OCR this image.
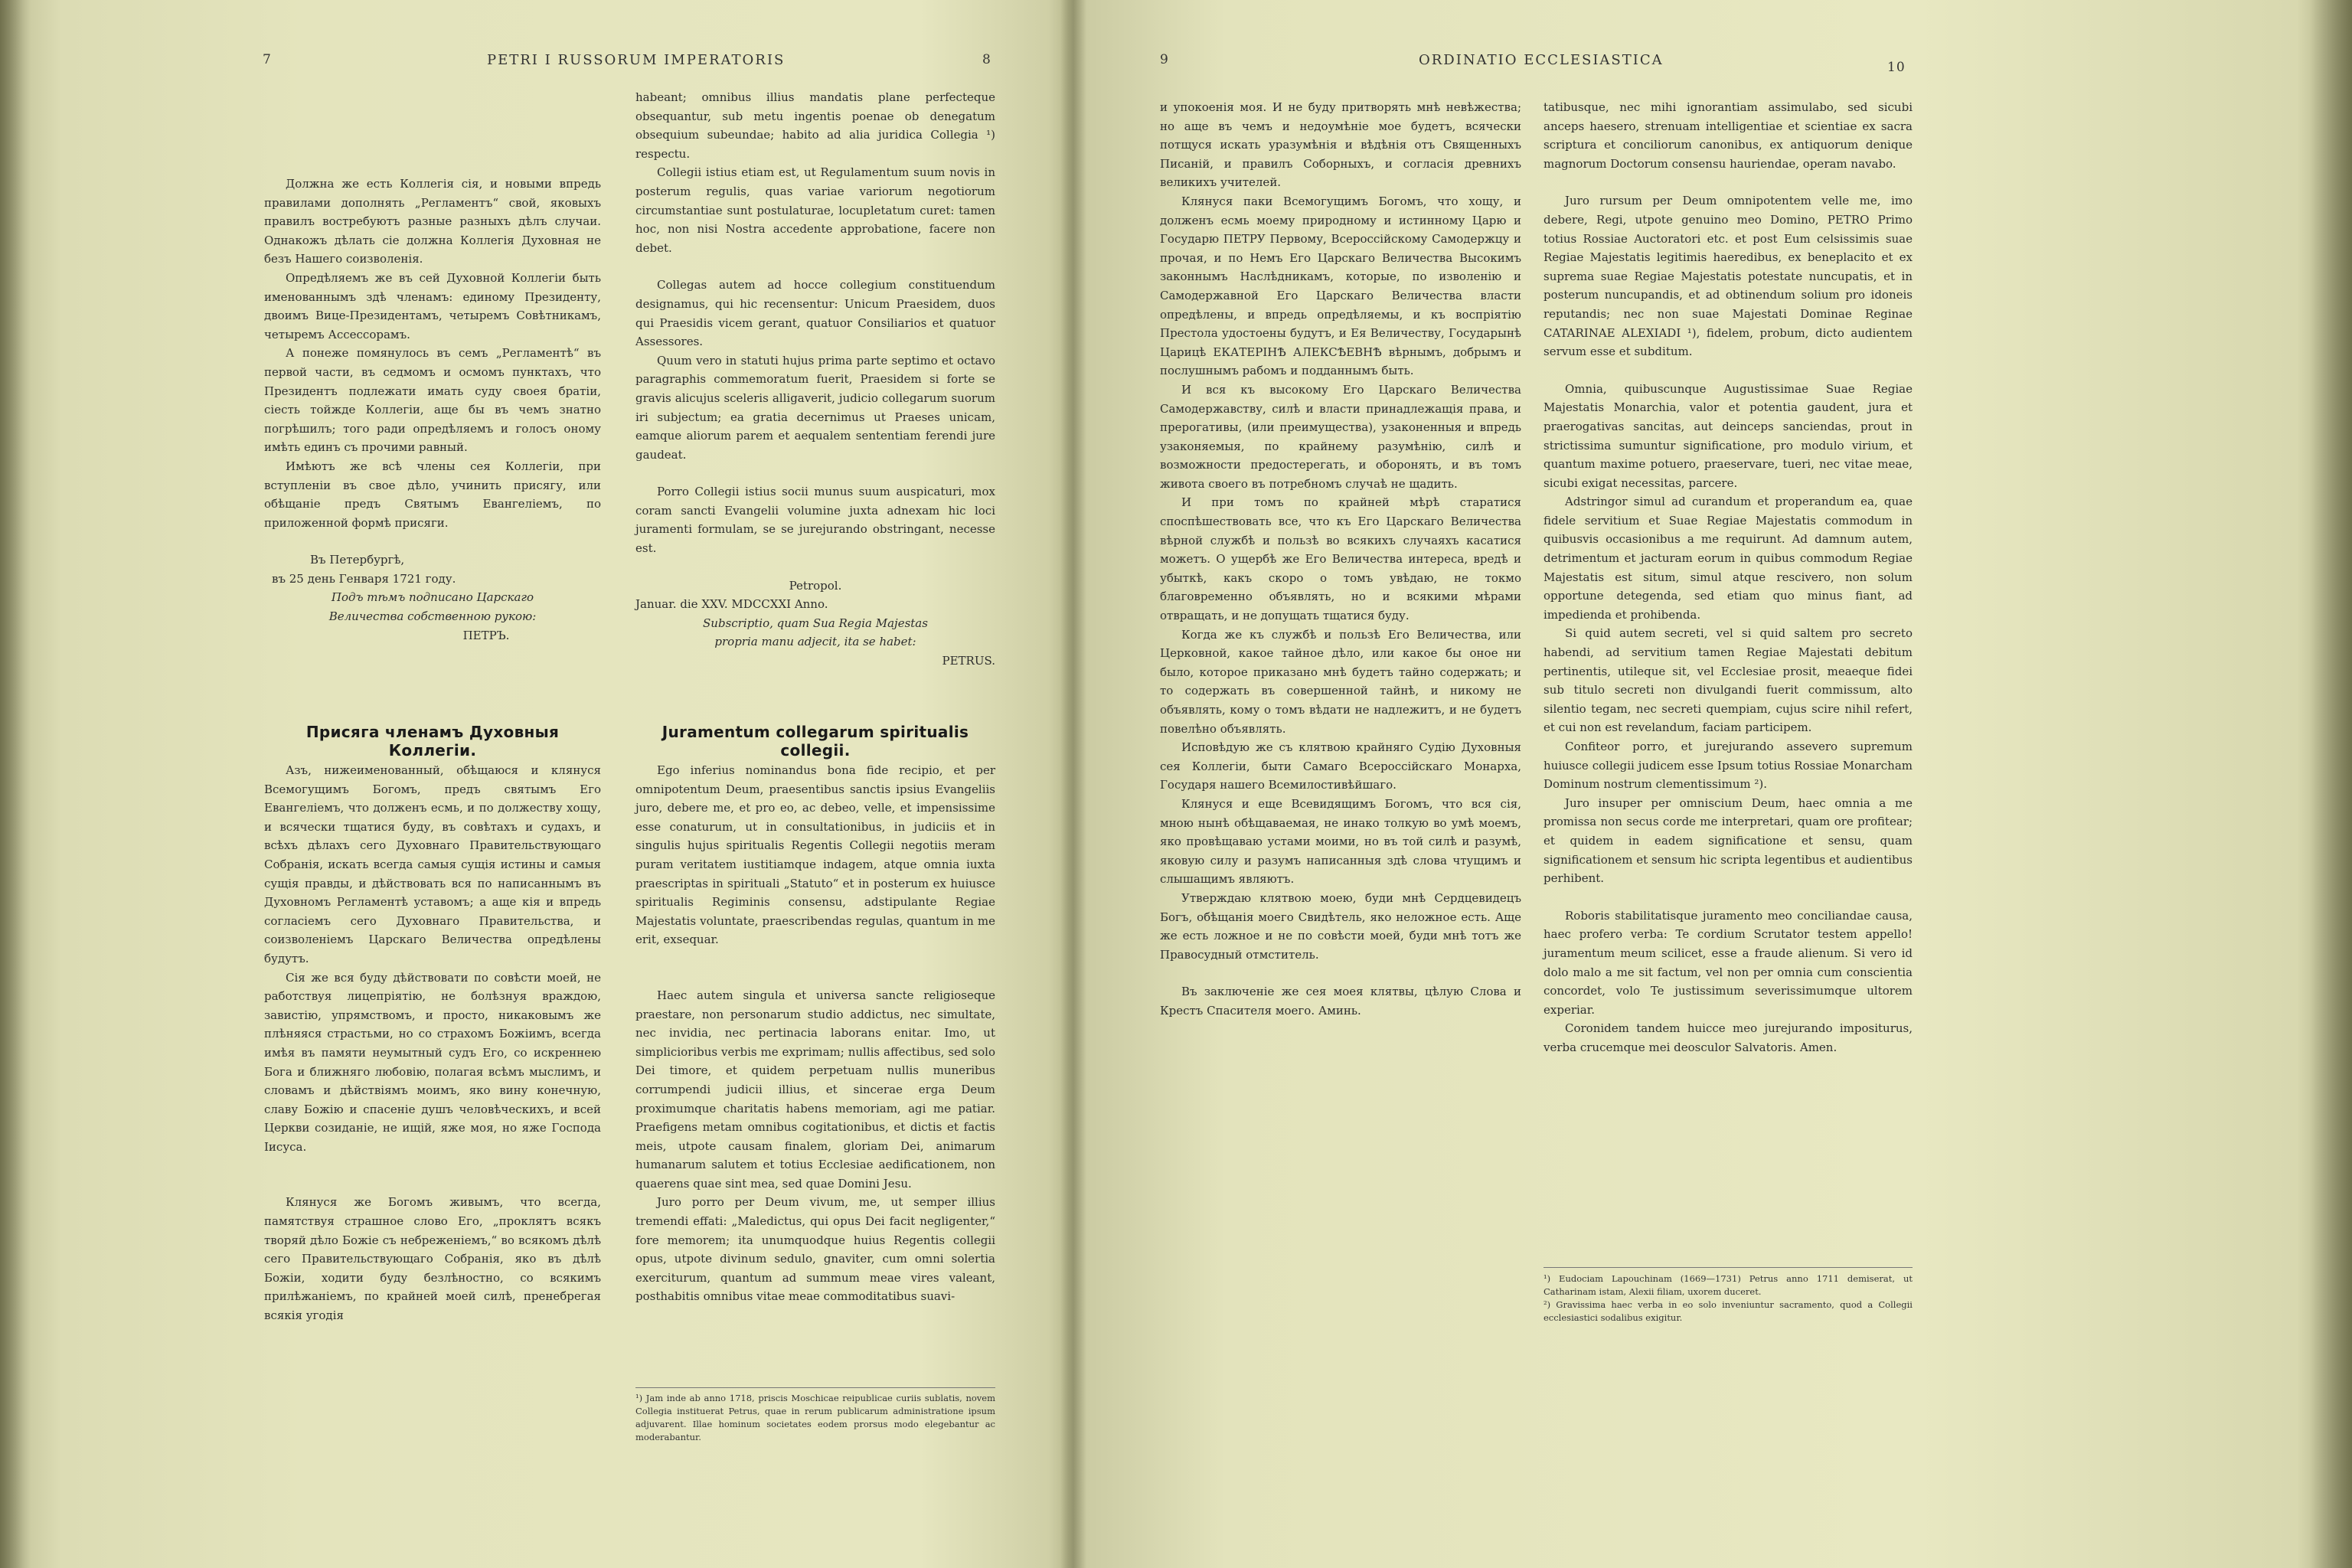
7	PETRI I RUSSORUM IMPERATORIS	8

Должна же есть Коллегія сія, и новыми впредь правилами дополнять „Регламентъ“ свой, яковыхъ правилъ востребуютъ разные разныхъ дѣлъ случаи. Однакожъ дѣлать сіе должна Коллегія Духовная не безъ Нашего соизволенія.

Опредѣляемъ же въ сей Духовной Коллегіи быть именованнымъ здѣ членамъ: единому Президенту, двоимъ Вице-Президентамъ, четыремъ Совѣтникамъ, четыремъ Ассессорамъ.

А понеже помянулось въ семъ „Регламентѣ“ въ первой части, въ седмомъ и осмомъ пунктахъ, что Президентъ подлежати имать суду своея братіи, сіесть тойжде Коллегіи, аще бы въ чемъ знатно погрѣшилъ; того ради опредѣляемъ и голосъ оному имѣть единъ съ прочими равный.

Имѣютъ же всѣ члены сея Коллегіи, при вступленіи въ свое дѣло, учинить присягу, или обѣщаніе предъ Святымъ Евангеліемъ, по приложенной формѣ присяги.

Въ Петербургѣ,

въ 25 день Генваря 1721 году.

Подъ тѣмъ подписано Царскаго

Величества собственною рукою:

ПЕТРЪ.

habeant; omnibus illius mandatis plane perfecteque obsequantur, sub metu ingentis poenae ob denegatum obsequium subeundae; habito ad alia juridica Collegia ¹) respectu.

Collegii istius etiam est, ut Regulamentum suum novis in posterum regulis, quas variae variorum negotiorum circumstantiae sunt postulaturae, locupletatum curet: tamen hoc, non nisi Nostra accedente approbatione, facere non debet.

Collegas autem ad hocce collegium constituendum designamus, qui hic recensentur: Unicum Praesidem, duos qui Praesidis vicem gerant, quatuor Consiliarios et quatuor Assessores.

Quum vero in statuti hujus prima parte septimo et octavo paragraphis commemoratum fuerit, Praesidem si forte se gravis alicujus sceleris alligaverit, judicio collegarum suorum iri subjectum; ea gratia decernimus ut Praeses unicam, eamque aliorum parem et aequalem sententiam ferendi jure gaudeat.

Porro Collegii istius socii munus suum auspicaturi, mox coram sancti Evangelii volumine juxta adnexam hic loci juramenti formulam, se se jurejurando obstringant, necesse est.

Petropol.

Januar. die XXV. MDCCXXI Anno.

Subscriptio, quam Sua Regia Majestas

propria manu adjecit, ita se habet:

PETRUS.

Присяга членамъ Духовныя Коллегіи.
Juramentum collegarum spiritualis collegii.

Азъ, нижеименованный, обѣщаюся и клянуся Всемогущимъ Богомъ, предъ святымъ Его Евангеліемъ, что долженъ есмь, и по должеству хощу, и всячески тщатися буду, въ совѣтахъ и судахъ, и всѣхъ дѣлахъ сего Духовнаго Правительствующаго Собранія, искать всегда самыя сущія истины и самыя сущія правды, и дѣйствовать вся по написаннымъ въ Духовномъ Регламентѣ уставомъ; а аще кія и впредь согласіемъ сего Духовнаго Правительства, и соизволеніемъ Царскаго Величества опредѣлены будутъ.

Сія же вся буду дѣйствовати по совѣсти моей, не работствуя лицепріятію, не болѣзнуя враждою, завистію, упрямствомъ, и просто, никаковымъ же плѣняяся страстьми, но со страхомъ Божіимъ, всегда имѣя въ памяти неумытный судъ Его, со искреннею Бога и ближняго любовію, полагая всѣмъ мыслимъ, и словамъ и дѣйствіямъ моимъ, яко вину конечную, славу Божію и спасеніе душъ человѣческихъ, и всей Церкви созиданіе, не ищій, яже моя, но яже Господа Іисуса.

Клянуся же Богомъ живымъ, что всегда, памятствуя страшное слово Его, „проклятъ всякъ творяй дѣло Божіе съ небреженіемъ,“ во всякомъ дѣлѣ сего Правительствующаго Собранія, яко въ дѣлѣ Божіи, ходити буду безлѣностно, со всякимъ прилѣжаніемъ, по крайней моей силѣ, пренебрегая всякія угодія

Ego inferius nominandus bona fide recipio, et per omnipotentum Deum, praesentibus sanctis ipsius Evangeliis juro, debere me, et pro eo, ac debeo, velle, et impensissime esse conaturum, ut in consultationibus, in judiciis et in singulis hujus spiritualis Regentis Collegii negotiis meram puram veritatem iustitiamque indagem, atque omnia iuxta praescriptas in spirituali „Statuto“ et in posterum ex huiusce spiritualis Regiminis consensu, adstipulante Regiae Majestatis voluntate, praescribendas regulas, quantum in me erit, exsequar.

Haec autem singula et universa sancte religioseque praestare, non personarum studio addictus, nec simultate, nec invidia, nec pertinacia laborans enitar. Imo, ut simplicioribus verbis me exprimam; nullis affectibus, sed solo Dei timore, et quidem perpetuam nullis muneribus corrumpendi judicii illius, et sincerae erga Deum proximumque charitatis habens memoriam, agi me patiar. Praefigens metam omnibus cogitationibus, et dictis et factis meis, utpote causam finalem, gloriam Dei, animarum humanarum salutem et totius Ecclesiae aedificationem, non quaerens quae sint mea, sed quae Domini Jesu.

Juro porro per Deum vivum, me, ut semper illius tremendi effati: „Maledictus, qui opus Dei facit negligenter,“ fore memorem; ita unumquodque huius Regentis collegii opus, utpote divinum sedulo, gnaviter, cum omni solertia exerciturum, quantum ad summum meae vires valeant, posthabitis omnibus vitae meae commoditatibus suavi-

¹) Jam inde ab anno 1718, priscis Moschicae reipublicae curiis sublatis, novem Collegia instituerat Petrus, quae in rerum publicarum administratione ipsum adjuvarent. Illae hominum societates eodem prorsus modo elegebantur ac moderabantur.
9	ORDINATIO ECCLESIASTICA	10

и упокоенія моя. И не буду притворять мнѣ невѣжества; но аще въ чемъ и недоумѣніе мое будетъ, всячески потщуся искать уразумѣнія и вѣдѣнія отъ Священныхъ Писаній, и правилъ Соборныхъ, и согласія древнихъ великихъ учителей.

Клянуся паки Всемогущимъ Богомъ, что хощу, и долженъ есмь моему природному и истинному Царю и Государю ПЕТРУ Первому, Всероссійскому Самодержцу и прочая, и по Немъ Его Царскаго Величества Высокимъ законнымъ Наслѣдникамъ, которые, по изволенію и Самодержавной Его Царскаго Величества власти опредѣлены, и впредь опредѣляемы, и къ воспріятію Престола удостоены будутъ, и Ея Величеству, Государынѣ Царицѣ ЕКАТЕРІНѢ АЛЕКСѢЕВНѢ вѣрнымъ, добрымъ и послушнымъ рабомъ и подданнымъ быть.

И вся къ высокому Его Царскаго Величества Самодержавству, силѣ и власти принадлежащія права, и прерогативы, (или преимущества), узаконенныя и впредь узаконяемыя, по крайнему разумѣнію, силѣ и возможности предостерегать, и оборонять, и въ томъ живота своего въ потребномъ случаѣ не щадить.

И при томъ по крайней мѣрѣ старатися споспѣшествовать все, что къ Его Царскаго Величества вѣрной службѣ и пользѣ во всякихъ случаяхъ касатися можетъ. О ущербѣ же Его Величества интереса, вредѣ и убыткѣ, какъ скоро о томъ увѣдаю, не токмо благовременно объявлять, но и всякими мѣрами отвращать, и не допущать тщатися буду.

Когда же къ службѣ и пользѣ Его Величества, или Церковной, какое тайное дѣло, или какое бы оное ни было, которое приказано мнѣ будетъ тайно содержать; и то содержать въ совершенной тайнѣ, и никому не объявлять, кому о томъ вѣдати не надлежитъ, и не будетъ повелѣно объявлять.

Исповѣдую же съ клятвою крайняго Судію Духовныя сея Коллегіи, быти Самаго Всероссійскаго Монарха, Государя нашего Всемилостивѣйшаго.

Клянуся и еще Всевидящимъ Богомъ, что вся сія, мною нынѣ обѣщаваемая, не инако толкую во умѣ моемъ, яко провѣщаваю устами моими, но въ той силѣ и разумѣ, яковую силу и разумъ написанныя здѣ слова чтущимъ и слышащимъ являютъ.

Утверждаю клятвою моею, буди мнѣ Сердцевидецъ Богъ, обѣщанія моего Свидѣтель, яко неложное есть. Аще же есть ложное и не по совѣсти моей, буди мнѣ тотъ же Правосудный отмститель.

Въ заключеніе же сея моея клятвы, цѣлую Слова и Крестъ Спасителя моего. Аминь.

tatibusque, nec mihi ignorantiam assimulabo, sed sicubi anceps haesero, strenuam intelligentiae et scientiae ex sacra scriptura et conciliorum canonibus, ex antiquorum denique magnorum Doctorum consensu hauriendae, operam navabo.

Juro rursum per Deum omnipotentem velle me, imo debere, Regi, utpote genuino meo Domino, PETRO Primo totius Rossiae Auctoratori etc. et post Eum celsissimis suae Regiae Majestatis legitimis haeredibus, ex beneplacito et ex suprema suae Regiae Majestatis potestate nuncupatis, et in posterum nuncupandis, et ad obtinendum solium pro idoneis reputandis; nec non suae Majestati Dominae Reginae CATARINAE ALEXIADI ¹), fidelem, probum, dicto audientem servum esse et subditum.

Omnia, quibuscunque Augustissimae Suae Regiae Majestatis Monarchia, valor et potentia gaudent, jura et praerogativas sancitas, aut deinceps sanciendas, prout in strictissima sumuntur significatione, pro modulo virium, et quantum maxime potuero, praeservare, tueri, nec vitae meae, sicubi exigat necessitas, parcere.

Adstringor simul ad curandum et properandum ea, quae fidele servitium et Suae Regiae Majestatis commodum in quibusvis occasionibus a me requirunt. Ad damnum autem, detrimentum et jacturam eorum in quibus commodum Regiae Majestatis est situm, simul atque rescivero, non solum opportune detegenda, sed etiam quo minus fiant, ad impedienda et prohibenda.

Si quid autem secreti, vel si quid saltem pro secreto habendi, ad servitium tamen Regiae Majestati debitum pertinentis, utileque sit, vel Ecclesiae prosit, meaeque fidei sub titulo secreti non divulgandi fuerit commissum, alto silentio tegam, nec secreti quempiam, cujus scire nihil refert, et cui non est revelandum, faciam participem.

Confiteor porro, et jurejurando assevero supremum huiusce collegii judicem esse Ipsum totius Rossiae Monarcham Dominum nostrum clementissimum ²).

Juro insuper per omniscium Deum, haec omnia a me promissa non secus corde me interpretari, quam ore profitear; et quidem in eadem significatione et sensu, quam significationem et sensum hic scripta legentibus et audientibus perhibent.

Roboris stabilitatisque juramento meo conciliandae causa, haec profero verba: Te cordium Scrutator testem appello! juramentum meum scilicet, esse a fraude alienum. Si vero id dolo malo a me sit factum, vel non per omnia cum conscientia concordet, volo Te justissimum severissimumque ultorem experiar.

Coronidem tandem huicce meo jurejurando impositurus, verba crucemque mei deosculor Salvatoris. Amen.

¹) Eudociam Lapouchinam (1669—1731) Petrus anno 1711 demiserat, ut Catharinam istam, Alexii filiam, uxorem duceret.
²) Gravissima haec verba in eo solo inveniuntur sacramento, quod a Collegii ecclesiastici sodalibus exigitur.
